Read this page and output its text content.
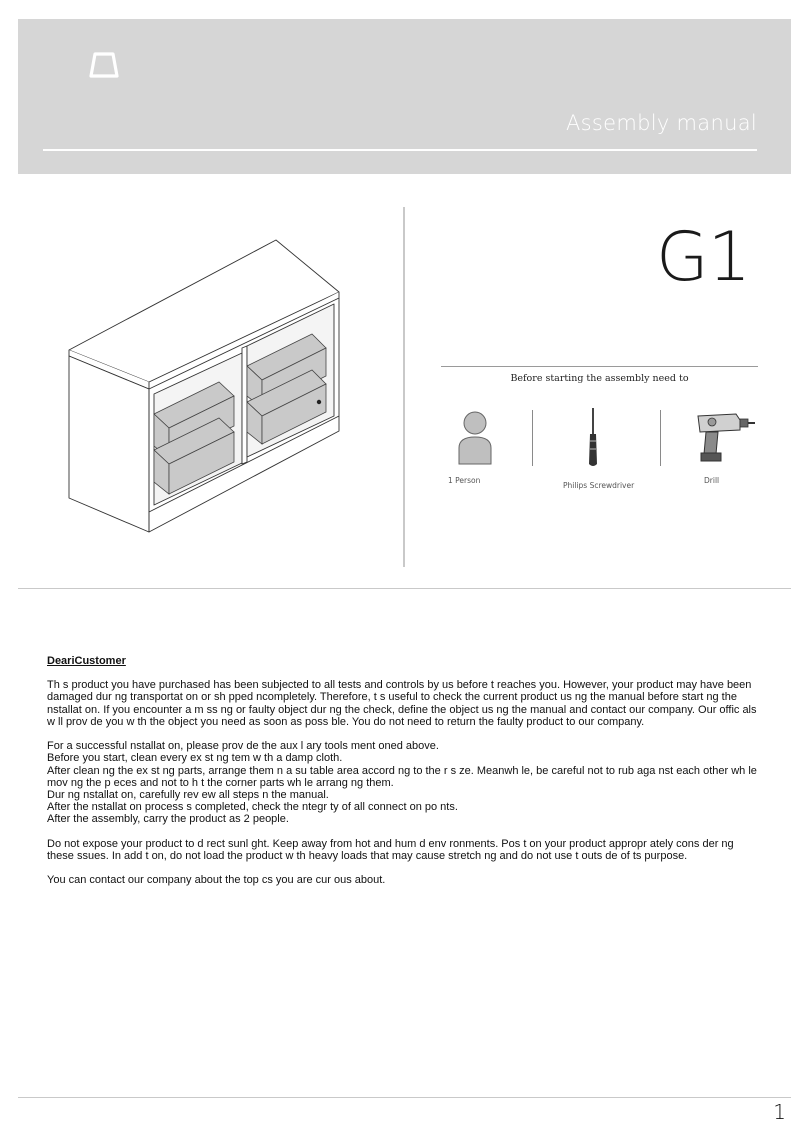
Assembly manual
G1
Before starting the assembly need to
1 Person
Philips Screwdriver
Drill
DeariCustomer

Th s product you have purchased has been subjected to all tests and controls by us before t reaches you. However, your product may have been
damaged dur ng transportat on or sh pped ncompletely. Therefore, t s useful to check the current product us ng the manual before start ng the
nstallat on. If you encounter a m ss ng or faulty object dur ng the check, define the object us ng the manual and contact our company. Our offic als
w ll prov de you w th the object you need as soon as poss ble. You do not need to return the faulty product to our company.

For a successful nstallat on, please prov de the aux l ary tools ment oned above.
Before you start, clean every ex st ng tem w th a damp cloth.
After clean ng the ex st ng parts, arrange them n a su table area accord ng to the r s ze. Meanwh le, be careful not to rub aga nst each other wh le
mov ng the p eces and not to h t the corner parts wh le arrang ng them.
Dur ng nstallat on, carefully rev ew all steps n the manual.
After the nstallat on process s completed, check the ntegr ty of all connect on po nts.
After the assembly, carry the product as 2 people.

Do not expose your product to d rect sunl ght. Keep away from hot and hum d env ronments. Pos t on your product appropr ately cons der ng
these ssues. In add t on, do not load the product w th heavy loads that may cause stretch ng and do not use t outs de of ts purpose.

You can contact our company about the top cs you are cur ous about.

1
